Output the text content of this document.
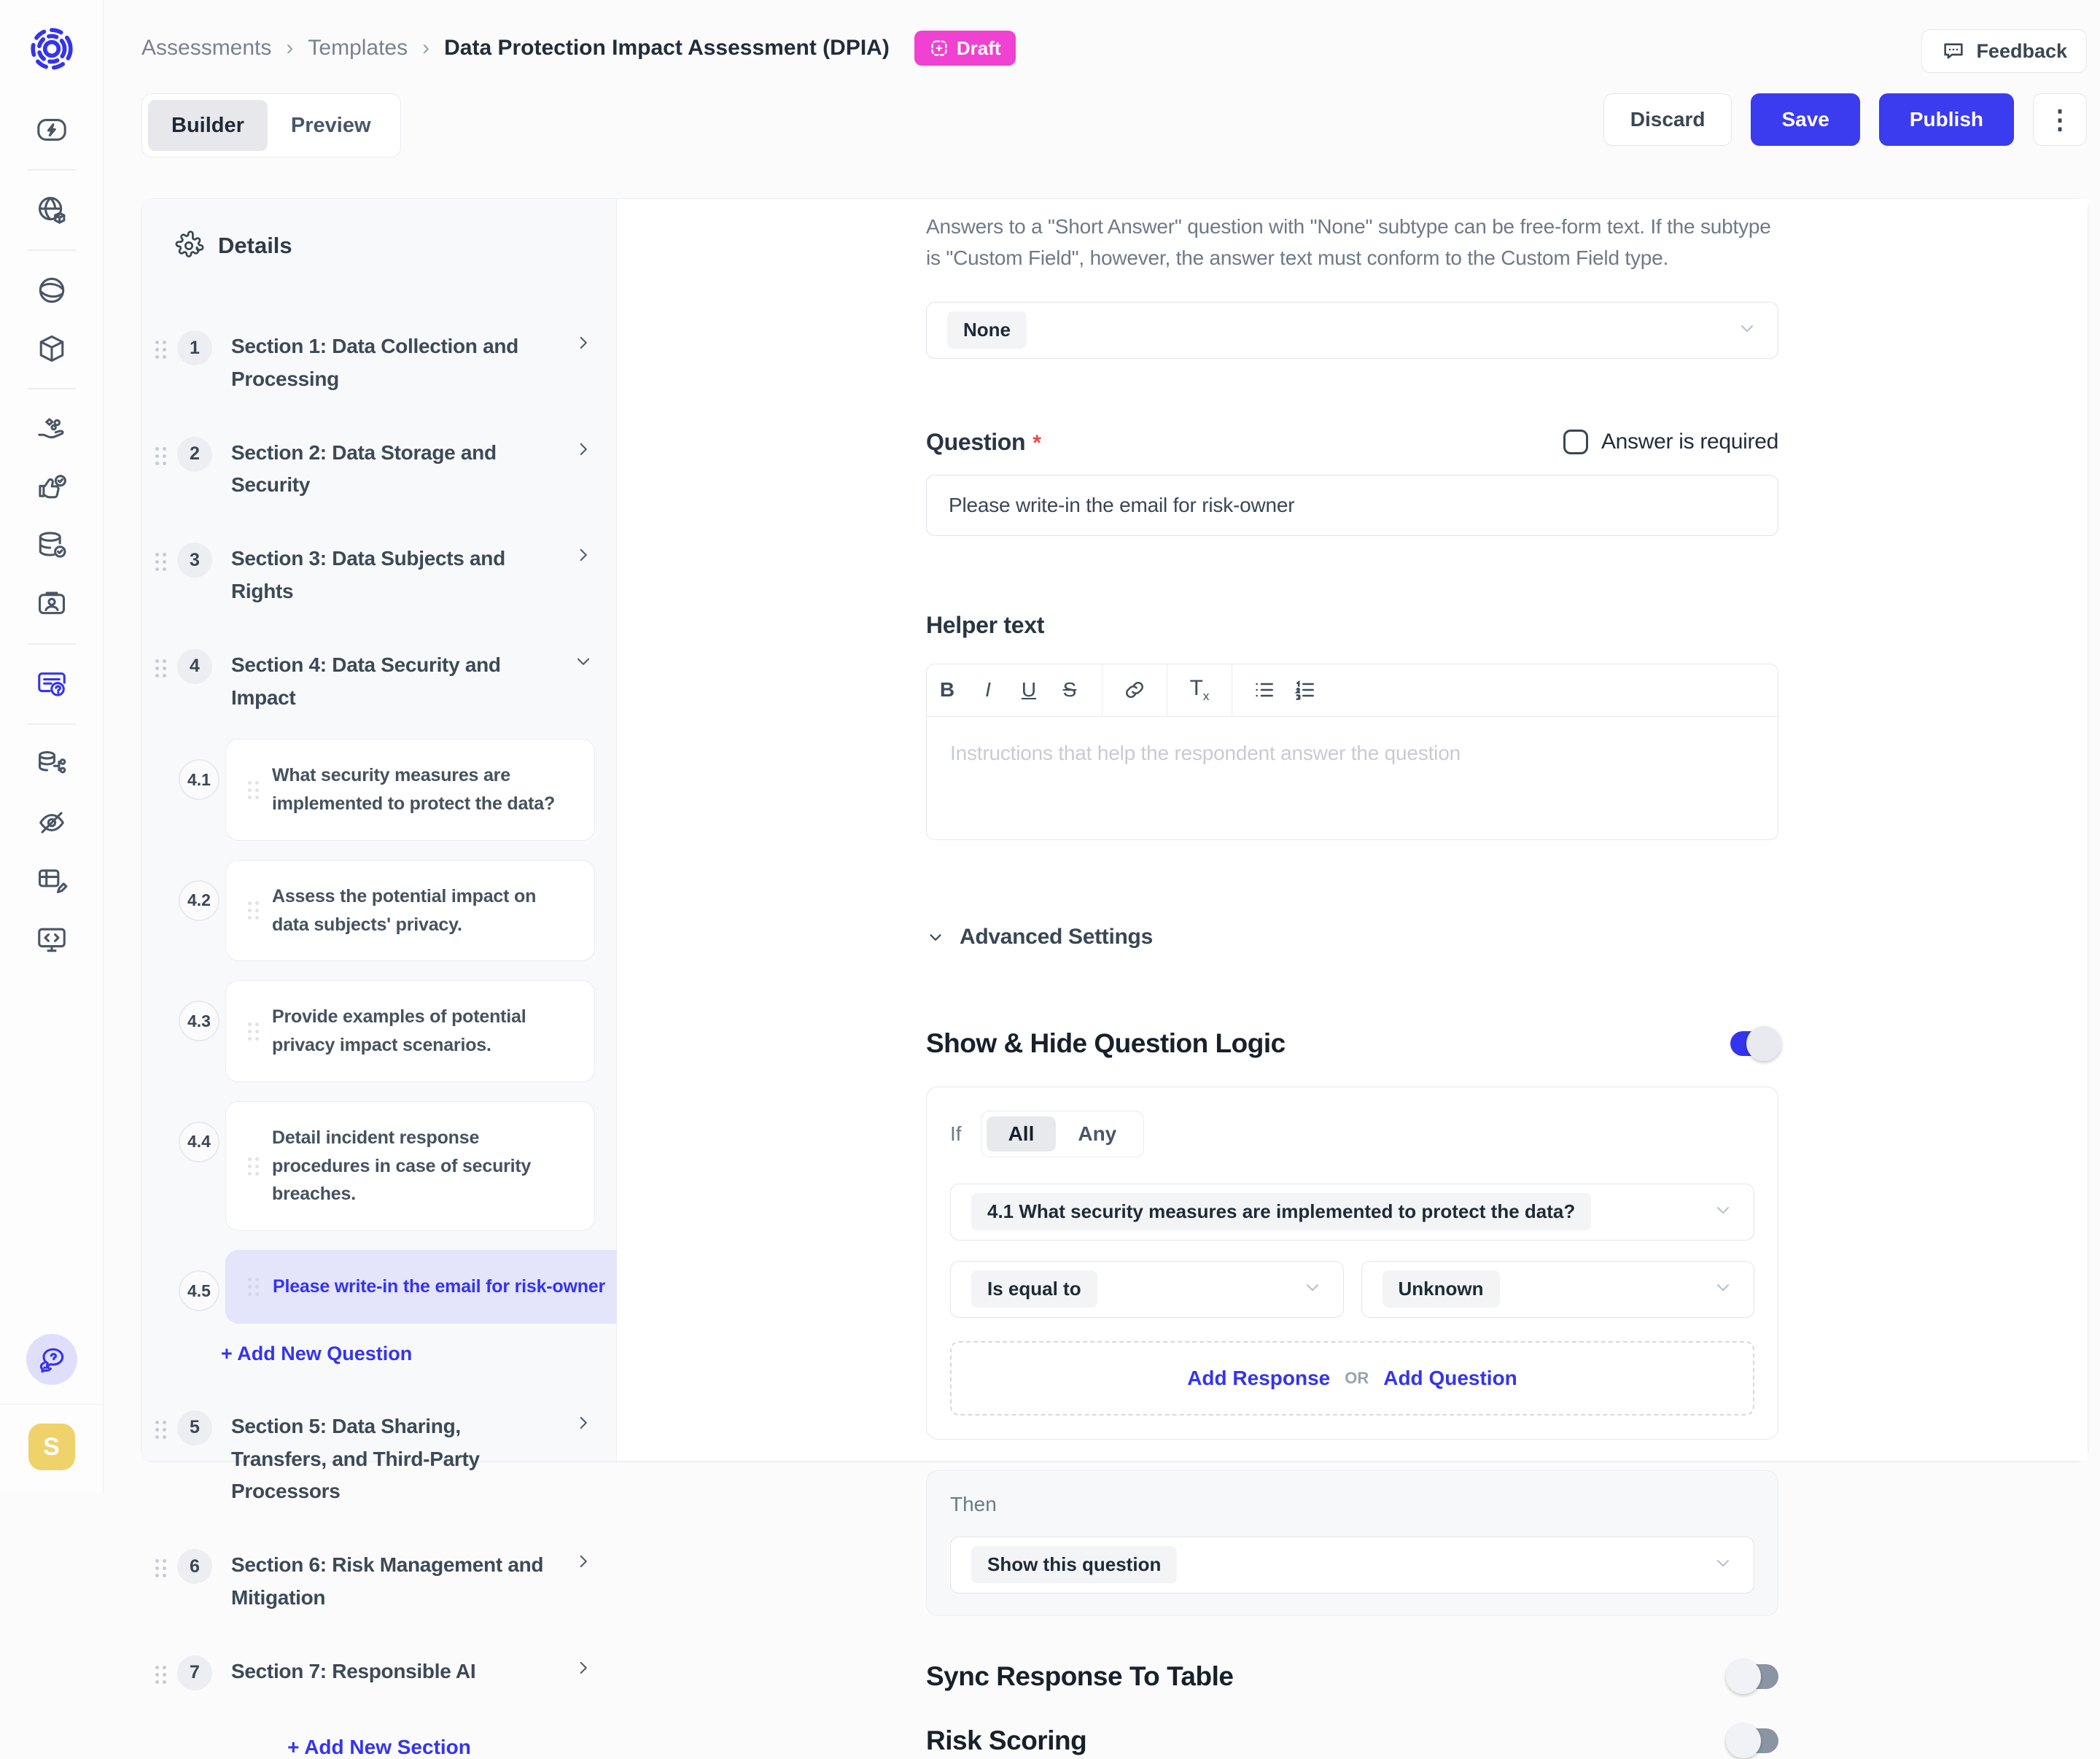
S
Assessments › Templates › Data Protection Impact Assessment (DPIA)	Draft	Feedback
Builder	Preview	Discard	Save	Publish	⋮
Details
1	Section 1: Data Collection and Processing
2	Section 2: Data Storage and Security
3	Section 3: Data Subjects and Rights
4	Section 4: Data Security and Impact
4.1	What security measures are implemented to protect the data?
4.2	Assess the potential impact on data subjects' privacy.
4.3	Provide examples of potential privacy impact scenarios.
4.4	Detail incident response procedures in case of security breaches.
4.5	Please write-in the email for risk-owner
+ Add New Question
5	Section 5: Data Sharing, Transfers, and Third-Party Processors
6	Section 6: Risk Management and Mitigation
7	Section 7: Responsible AI
+ Add New Section

Answers to a "Short Answer" question with "None" subtype can be free-form text. If the subtype is "Custom Field", however, the answer text must conform to the Custom Field type.

None
Question *	Answer is required
Please write-in the email for risk-owner
Helper text
B I U S	$T_x$
Instructions that help the respondent answer the question
Advanced Settings
Show & Hide Question Logic
If	All	Any
4.1 What security measures are implemented to protect the data?
Is equal to	Unknown
Add Response OR Add Question
Then
Show this question
Sync Response To Table
Risk Scoring
